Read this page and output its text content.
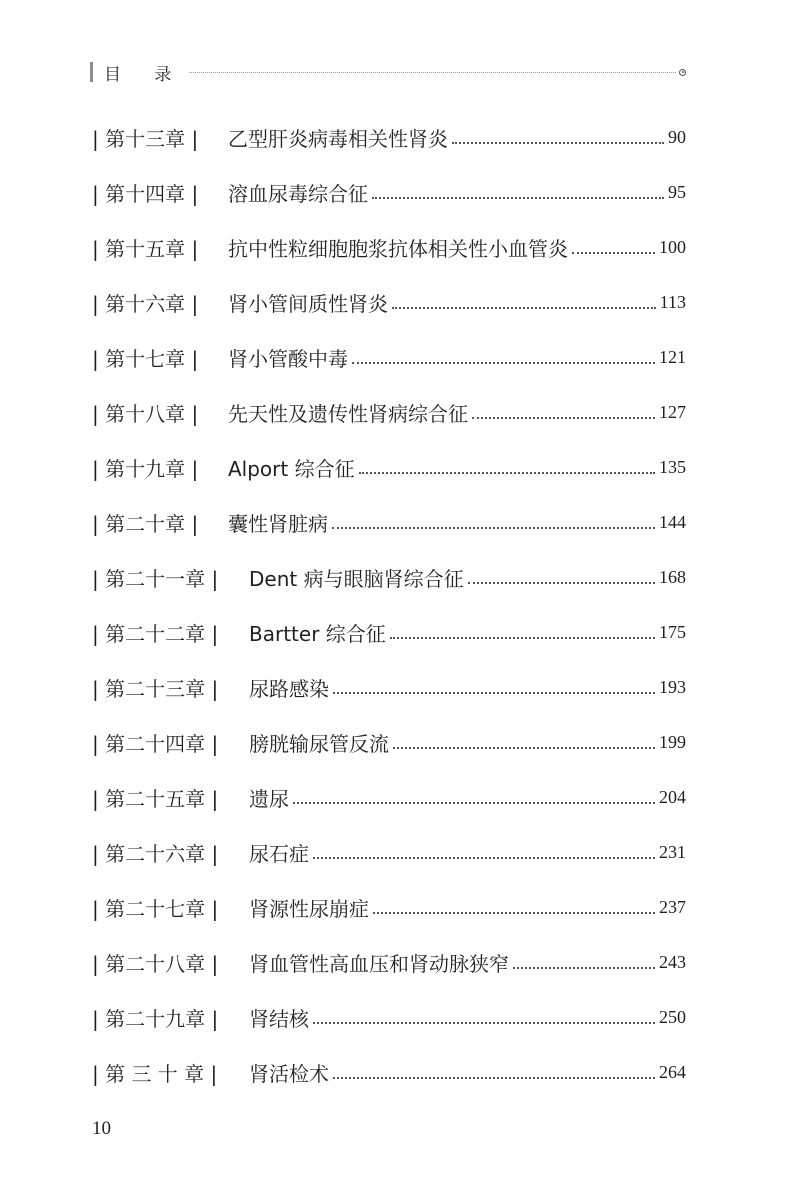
目 录
| 第十三章 |	乙型肝炎病毒相关性肾炎	90
| 第十四章 |	溶血尿毒综合征	95
| 第十五章 |	抗中性粒细胞胞浆抗体相关性小血管炎	100
| 第十六章 |	肾小管间质性肾炎	113
| 第十七章 |	肾小管酸中毒	121
| 第十八章 |	先天性及遗传性肾病综合征	127
| 第十九章 |	Alport 综合征	135
| 第二十章 |	囊性肾脏病	144
| 第二十一章 |	Dent 病与眼脑肾综合征	168
| 第二十二章 |	Bartter 综合征	175
| 第二十三章 |	尿路感染	193
| 第二十四章 |	膀胱输尿管反流	199
| 第二十五章 |	遗尿	204
| 第二十六章 |	尿石症	231
| 第二十七章 |	肾源性尿崩症	237
| 第二十八章 |	肾血管性高血压和肾动脉狭窄	243
| 第二十九章 |	肾结核	250
| 第 三 十 章 |	肾活检术	264
10
